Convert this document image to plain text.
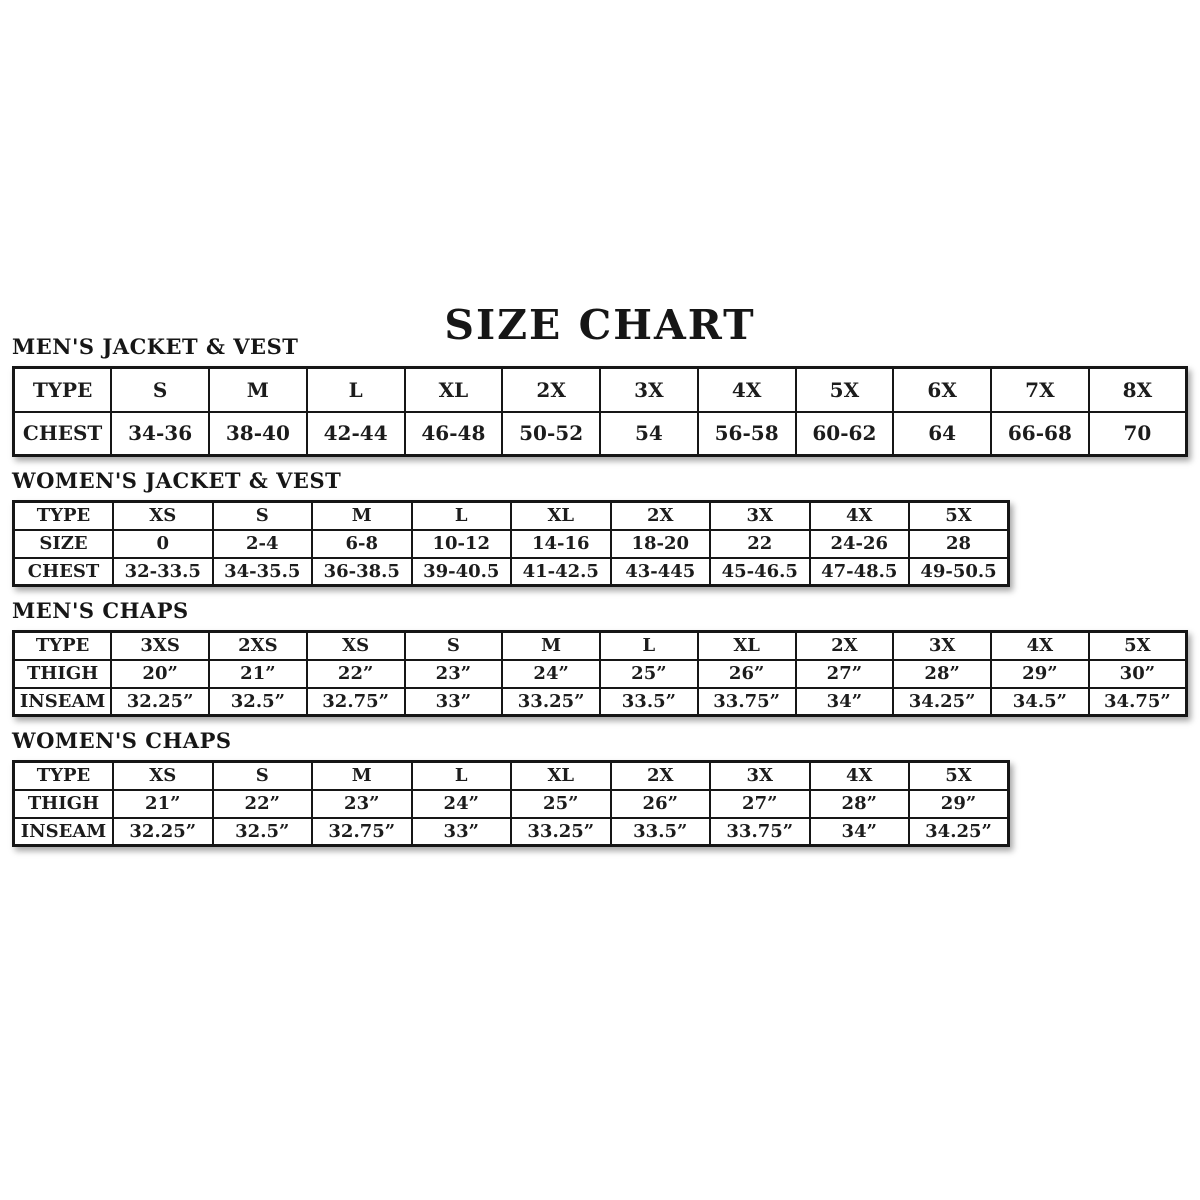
SIZE CHART
MEN'S JACKET & VEST
TYPE	S	M	L	XL	2X	3X	4X	5X	6X	7X	8X
CHEST	34-36	38-40	42-44	46-48	50-52	54	56-58	60-62	64	66-68	70
WOMEN'S JACKET & VEST
TYPE	XS	S	M	L	XL	2X	3X	4X	5X
SIZE	0	2-4	6-8	10-12	14-16	18-20	22	24-26	28
CHEST	32-33.5	34-35.5	36-38.5	39-40.5	41-42.5	43-445	45-46.5	47-48.5	49-50.5
MEN'S CHAPS
TYPE	3XS	2XS	XS	S	M	L	XL	2X	3X	4X	5X
THIGH	20”	21”	22”	23”	24”	25”	26”	27”	28”	29”	30”
INSEAM	32.25”	32.5”	32.75”	33”	33.25”	33.5”	33.75”	34”	34.25”	34.5”	34.75”
WOMEN'S CHAPS
TYPE	XS	S	M	L	XL	2X	3X	4X	5X
THIGH	21”	22”	23”	24”	25”	26”	27”	28”	29”
INSEAM	32.25”	32.5”	32.75”	33”	33.25”	33.5”	33.75”	34”	34.25”
